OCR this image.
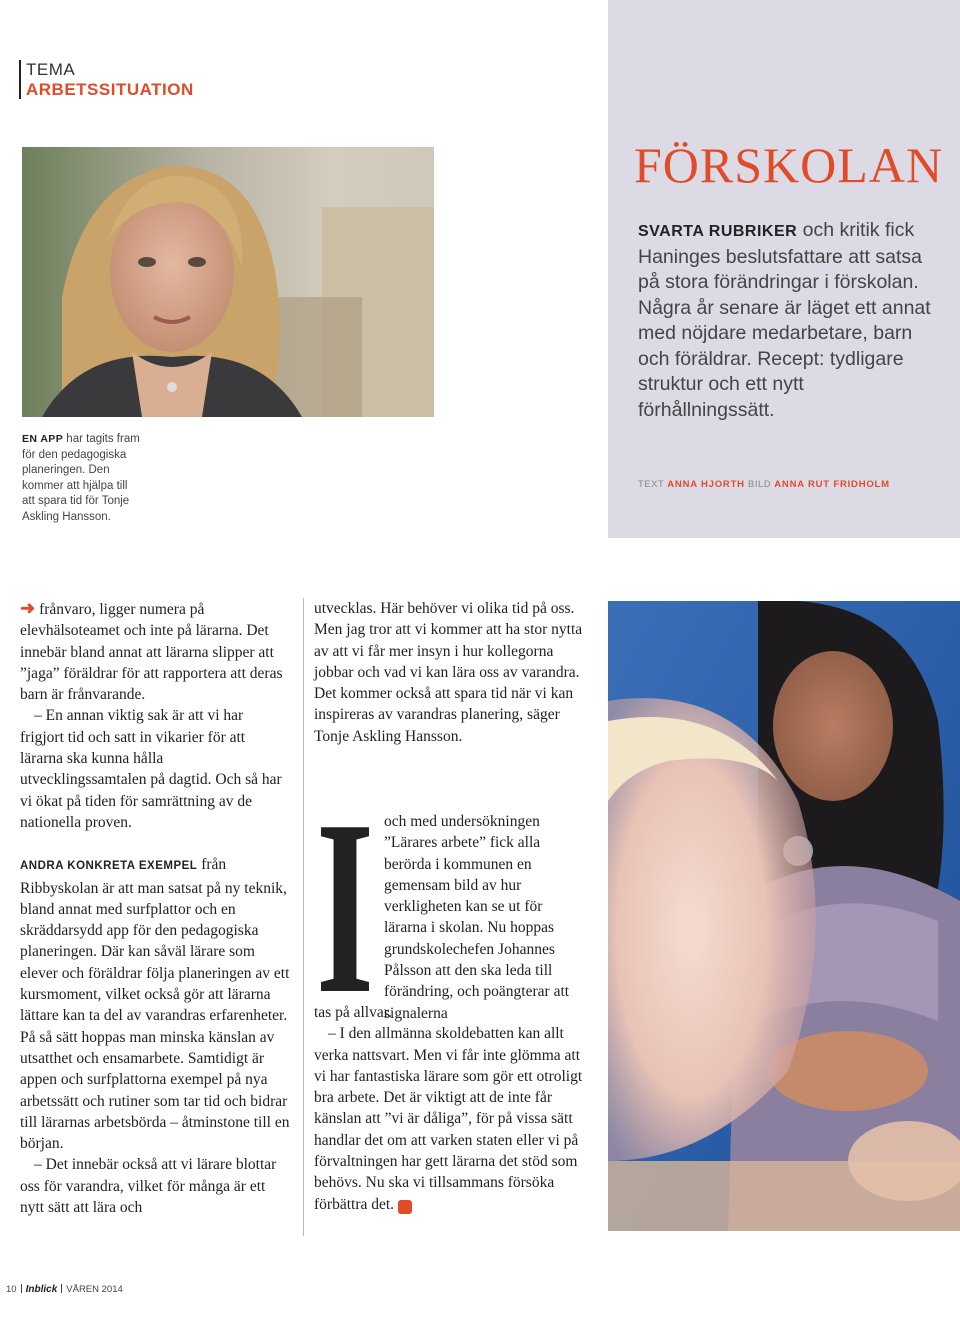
TEMA
ARBETSSITUATION
FÖRSKOLAN
SVARTA RUBRIKER och kritik fick Haninges beslutsfattare att satsa på stora förändringar i förskolan. Några år senare är läget ett annat med nöjdare medarbetare, barn och föräldrar. Recept: tydligare struktur och ett nytt förhållningssätt.
TEXT ANNA HJORTH BILD ANNA RUT FRIDHOLM
EN APP har tagits fram för den pedagogiska planeringen. Den kommer att hjälpa till att spara tid för Tonje Askling Hansson.

➜ frånvaro, ligger numera på elevhälsoteamet och inte på lärarna. Det innebär bland annat att lärarna slipper att ”jaga” föräldrar för att rapportera att deras barn är frånvarande.

– En annan viktig sak är att vi har frigjort tid och satt in vikarier för att lärarna ska kunna hålla utvecklingssamtalen på dagtid. Och så har vi ökat på tiden för samrättning av de nationella proven.

ANDRA KONKRETA EXEMPEL från Ribbyskolan är att man satsat på ny teknik, bland annat med surfplattor och en skräddarsydd app för den pedagogiska planeringen. Där kan såväl lärare som elever och föräldrar följa planeringen av ett kursmoment, vilket också gör att lärarna lättare kan ta del av varandras erfarenheter. På så sätt hoppas man minska känslan av utsatthet och ensamarbete. Samtidigt är appen och surfplattorna exempel på nya arbetssätt och rutiner som tar tid och bidrar till lärarnas arbetsbörda – åtminstone till en början.

– Det innebär också att vi lärare blottar oss för varandra, vilket för många är ett nytt sätt att lära och

utvecklas. Här behöver vi olika tid på oss. Men jag tror att vi kommer att ha stor nytta av att vi får mer insyn i hur kollegorna jobbar och vad vi kan lära oss av varandra. Det kommer också att spara tid när vi kan inspireras av varandras planering, säger Tonje Askling Hansson.

I och med undersökningen ”Lärares arbete” fick alla berörda i kommunen en gemensam bild av hur verkligheten kan se ut för lärarna i skolan. Nu hoppas grundskolechefen Johannes Pålsson att den ska leda till förändring, och poängterar att signalerna

tas på allvar.

– I den allmänna skoldebatten kan allt verka nattsvart. Men vi får inte glömma att vi har fantastiska lärare som gör ett otroligt bra arbete. Det är viktigt att de inte får känslan att ”vi är dåliga”, för på vissa sätt handlar det om att varken staten eller vi på förvaltningen har gett lärarna det stöd som behövs. Nu ska vi tillsammans försöka förbättra det. inb

10 Inblick VÅREN 2014
